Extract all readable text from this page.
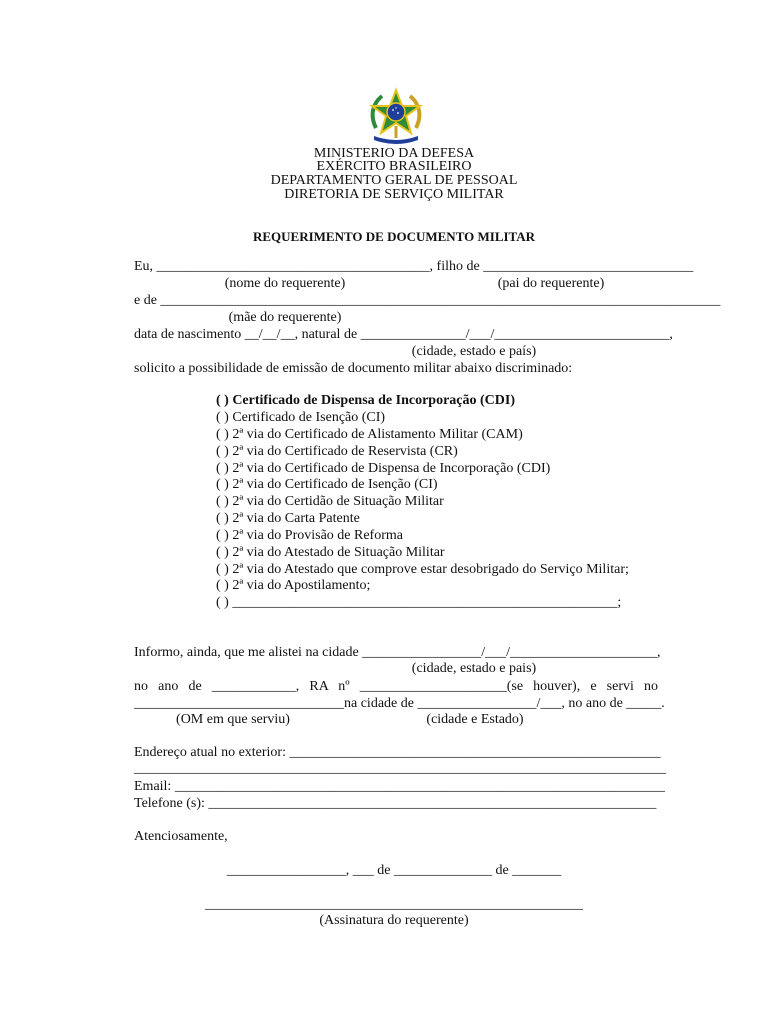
MINISTERIO DA DEFESA
EXÉRCITO BRASILEIRO
DEPARTAMENTO GERAL DE PESSOAL
DIRETORIA DE SERVIÇO MILITAR
REQUERIMENTO DE DOCUMENTO MILITAR
Eu, _______________________________________, filho de ______________________________
(nome do requerente)	(pai do requerente)
e de ________________________________________________________________________________
(mãe do requerente)
data de nascimento __/__/__, natural de _______________/___/_________________________,
(cidade, estado e país)
solicito a possibilidade de emissão de documento militar abaixo discriminado:
( ) Certificado de Dispensa de Incorporação (CDI)
( ) Certificado de Isenção (CI)
( ) 2ª via do Certificado de Alistamento Militar (CAM)
( ) 2ª via do Certificado de Reservista (CR)
( ) 2ª via do Certificado de Dispensa de Incorporação (CDI)
( ) 2ª via do Certificado de Isenção (CI)
( ) 2ª via do Certidão de Situação Militar
( ) 2ª via do Carta Patente
( ) 2ª via do Provisão de Reforma
( ) 2ª via do Atestado de Situação Militar
( ) 2ª via do Atestado que comprove estar desobrigado do Serviço Militar;
( ) 2ª via do Apostilamento;
( ) _______________________________________________________;
Informo, ainda, que me alistei na cidade _________________/___/_____________________,
(cidade, estado e pais)
no ano de ____________, RA nº _____________________(se houver), e servi no
______________________________na cidade de _________________/___, no ano de _____.
(OM em que serviu)	(cidade e Estado)
Endereço atual no exterior: _____________________________________________________
____________________________________________________________________________
Email: ______________________________________________________________________
Telefone (s): ________________________________________________________________
Atenciosamente,
_________________, ___ de ______________ de _______
______________________________________________________
(Assinatura do requerente)
